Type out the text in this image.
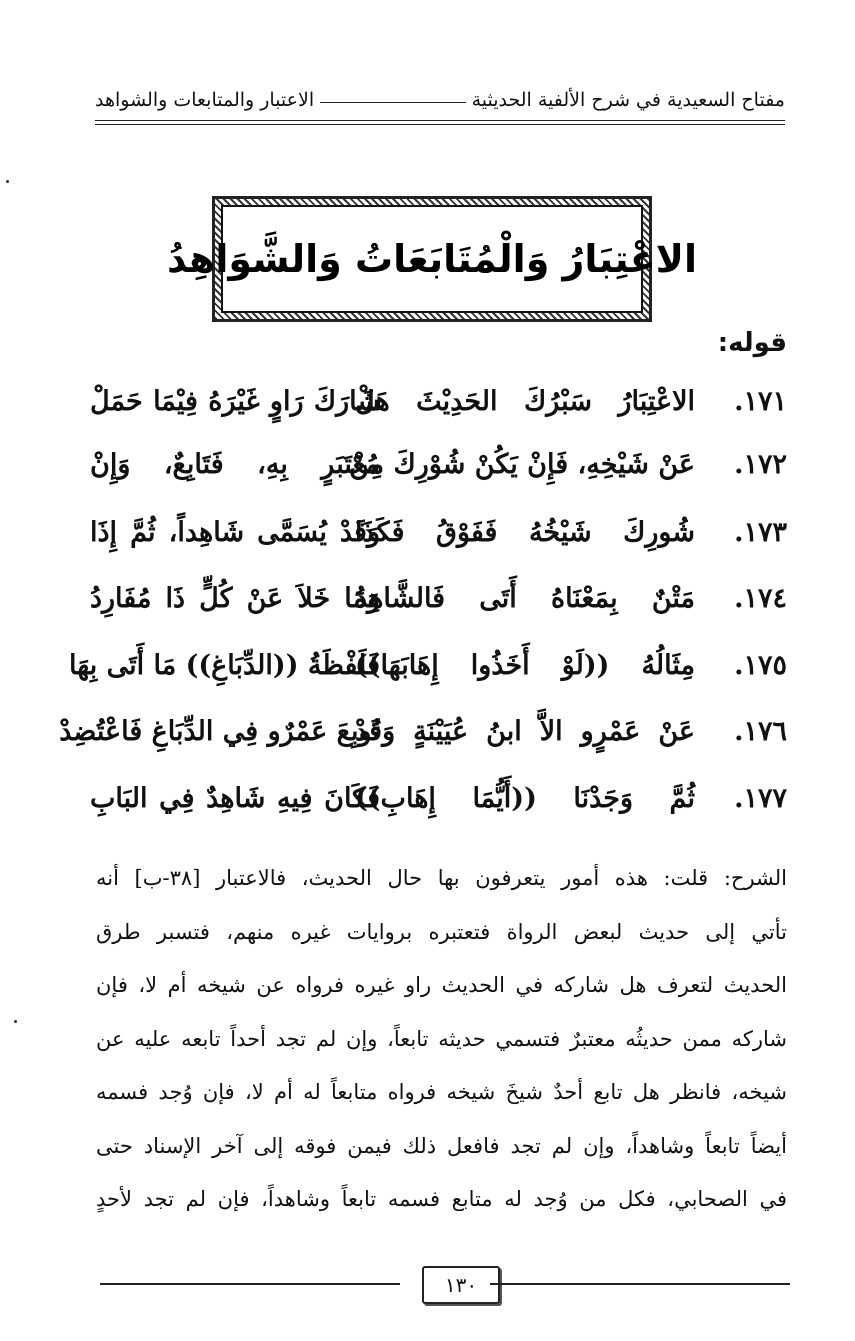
مفتاح السعيدية في شرح الألفية الحديثية
الاعتبار والمتابعات والشواهد
الاعْتِبَارُ وَالْمُتَابَعَاتُ وَالشَّوَاهِدُ
قوله:
١٧١.
الاعْتِبَارُ سَبْرُكَ الحَدِيْثَ هَلْ
شَارَكَ رَاوٍ غَيْرَهُ فِيْمَا حَمَلْ
١٧٢.
عَنْ شَيْخِهِ، فَإِنْ يَكُنْ شُوْرِكَ مِنْ
مُعْتَبَرٍ بِهِ، فَتَابِعٌ، وَإِنْ
١٧٣.
شُورِكَ شَيْخُهُ فَفَوْقُ فَكَذَا
وَقَدْ يُسَمَّى شَاهِداً، ثُمَّ إِذَا
١٧٤.
مَتْنٌ بِمَعْنَاهُ أَتَى فَالشَّاهِدُ
وَمَا خَلاَ عَنْ كُلٍّ ذَا مُفَارِدُ
١٧٥.
مِثَالُهُ ((لَوْ أَخَذُوا إِهَابَهَا))
فَلَفْظَةُ ((الدِّبَاغِ)) مَا أَتَى بِهَا
١٧٦.
عَنْ عَمْرٍو الاَّ ابنُ عُيَيْنَةٍ وَقَدْ
تُوبِعَ عَمْرٌو فِي الدِّبَاغِ فَاعْتُضِدْ
١٧٧.
ثُمَّ وَجَدْنَا ((أَيُّمَا إِهَابِ))
فَكَانَ فِيهِ شَاهِدٌ فِي البَابِ

الشرح: قلت: هذه أمور يتعرفون بها حال الحديث، فالاعتبار [٣٨-ب] أنه

تأتي إلى حديث لبعض الرواة فتعتبره بروايات غيره منهم، فتسبر طرق

الحديث لتعرف هل شاركه في الحديث راو غيره فرواه عن شيخه أم لا، فإن

شاركه ممن حديثُه معتبرٌ فتسمي حديثه تابعاً، وإن لم تجد أحداً تابعه عليه عن

شيخه، فانظر هل تابع أحدٌ شيخَ شيخه فرواه متابعاً له أم لا، فإن وُجد فسمه

أيضاً تابعاً وشاهداً، وإن لم تجد فافعل ذلك فيمن فوقه إلى آخر الإسناد حتى

في الصحابي، فكل من وُجد له متابع فسمه تابعاً وشاهداً، فإن لم تجد لأحدٍ

١٣٠
